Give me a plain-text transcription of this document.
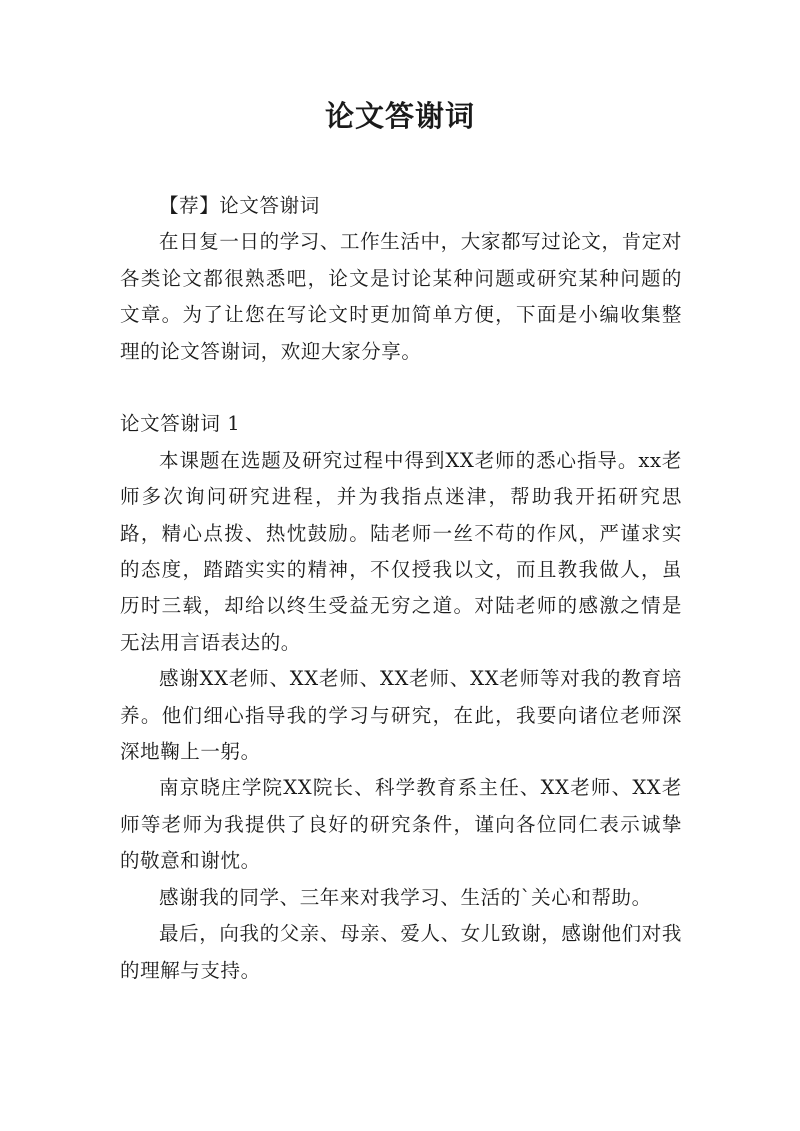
论文答谢词

【荐】论文答谢词

在日复一日的学习、工作生活中，大家都写过论文，肯定对各类论文都很熟悉吧，论文是讨论某种问题或研究某种问题的文章。为了让您在写论文时更加简单方便，下面是小编收集整理的论文答谢词，欢迎大家分享。

论文答谢词 1

本课题在选题及研究过程中得到XX老师的悉心指导。xx老师多次询问研究进程，并为我指点迷津，帮助我开拓研究思路，精心点拨、热忱鼓励。陆老师一丝不苟的作风，严谨求实的态度，踏踏实实的精神，不仅授我以文，而且教我做人，虽历时三载，却给以终生受益无穷之道。对陆老师的感激之情是无法用言语表达的。

感谢XX老师、XX老师、XX老师、XX老师等对我的教育培养。他们细心指导我的学习与研究，在此，我要向诸位老师深深地鞠上一躬。

南京晓庄学院XX院长、科学教育系主任、XX老师、XX老师等老师为我提供了良好的研究条件，谨向各位同仁表示诚挚的敬意和谢忱。

感谢我的同学、三年来对我学习、生活的`关心和帮助。

最后，向我的父亲、母亲、爱人、女儿致谢，感谢他们对我的理解与支持。
